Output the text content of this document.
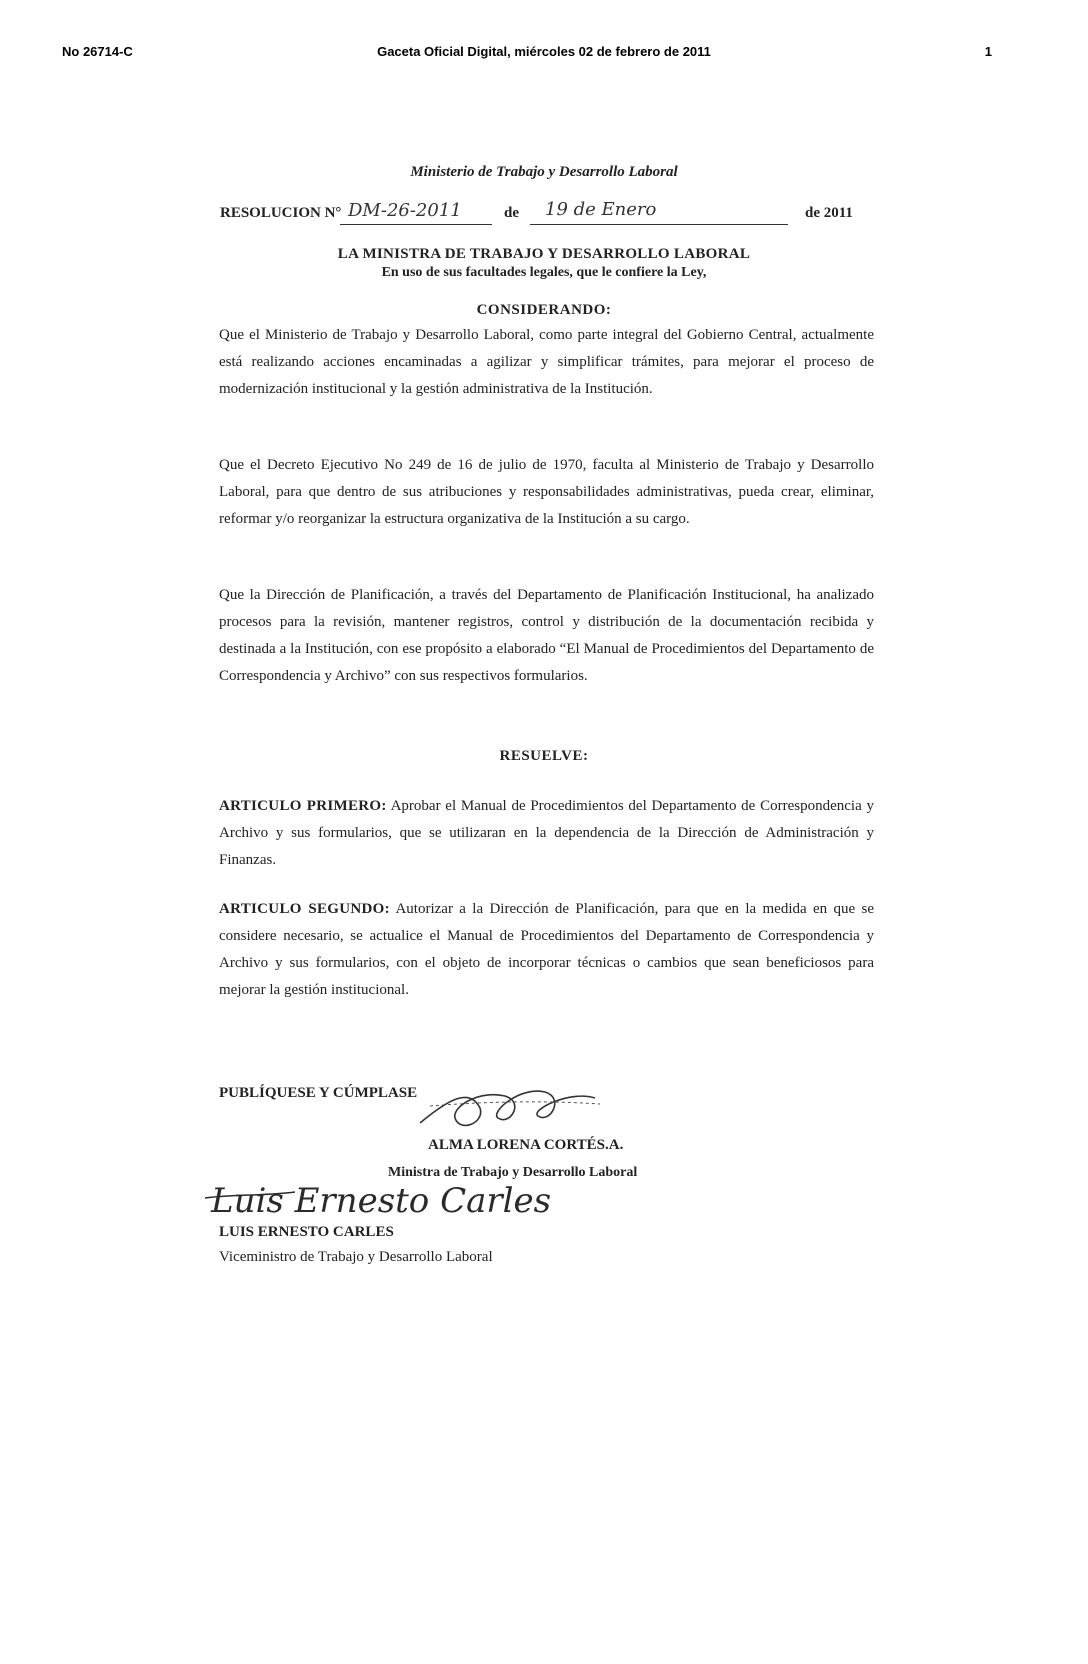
No 26714-C	Gaceta Oficial Digital, miércoles 02 de febrero de 2011	1
Ministerio de Trabajo y Desarrollo Laboral
RESOLUCION N° DM-26-2011	de 19 de Enero	de 2011
LA MINISTRA DE TRABAJO Y DESARROLLO LABORAL
En uso de sus facultades legales, que le confiere la Ley,
CONSIDERANDO:
Que el Ministerio de Trabajo y Desarrollo Laboral, como parte integral del Gobierno Central, actualmente está realizando acciones encaminadas a agilizar y simplificar trámites, para mejorar el proceso de modernización institucional y la gestión administrativa de la Institución.
Que el Decreto Ejecutivo No 249 de 16 de julio de 1970, faculta al Ministerio de Trabajo y Desarrollo Laboral, para que dentro de sus atribuciones y responsabilidades administrativas, pueda crear, eliminar, reformar y/o reorganizar la estructura organizativa de la Institución a su cargo.
Que la Dirección de Planificación, a través del Departamento de Planificación Institucional, ha analizado procesos para la revisión, mantener registros, control y distribución de la documentación recibida y destinada a la Institución, con ese propósito a elaborado “El Manual de Procedimientos del Departamento de Correspondencia y Archivo” con sus respectivos formularios.
RESUELVE:
ARTICULO PRIMERO: Aprobar el Manual de Procedimientos del Departamento de Correspondencia y Archivo y sus formularios, que se utilizaran en la dependencia de la Dirección de Administración y Finanzas.
ARTICULO SEGUNDO: Autorizar a la Dirección de Planificación, para que en la medida en que se considere necesario, se actualice el Manual de Procedimientos del Departamento de Correspondencia y Archivo y sus formularios, con el objeto de incorporar técnicas o cambios que sean beneficiosos para mejorar la gestión institucional.
PUBLÍQUESE Y CÚMPLASE
ALMA LORENA CORTÉS.A.
Ministra de Trabajo y Desarrollo Laboral
Luis Ernesto Carles
LUIS ERNESTO CARLES
Viceministro de Trabajo y Desarrollo Laboral
